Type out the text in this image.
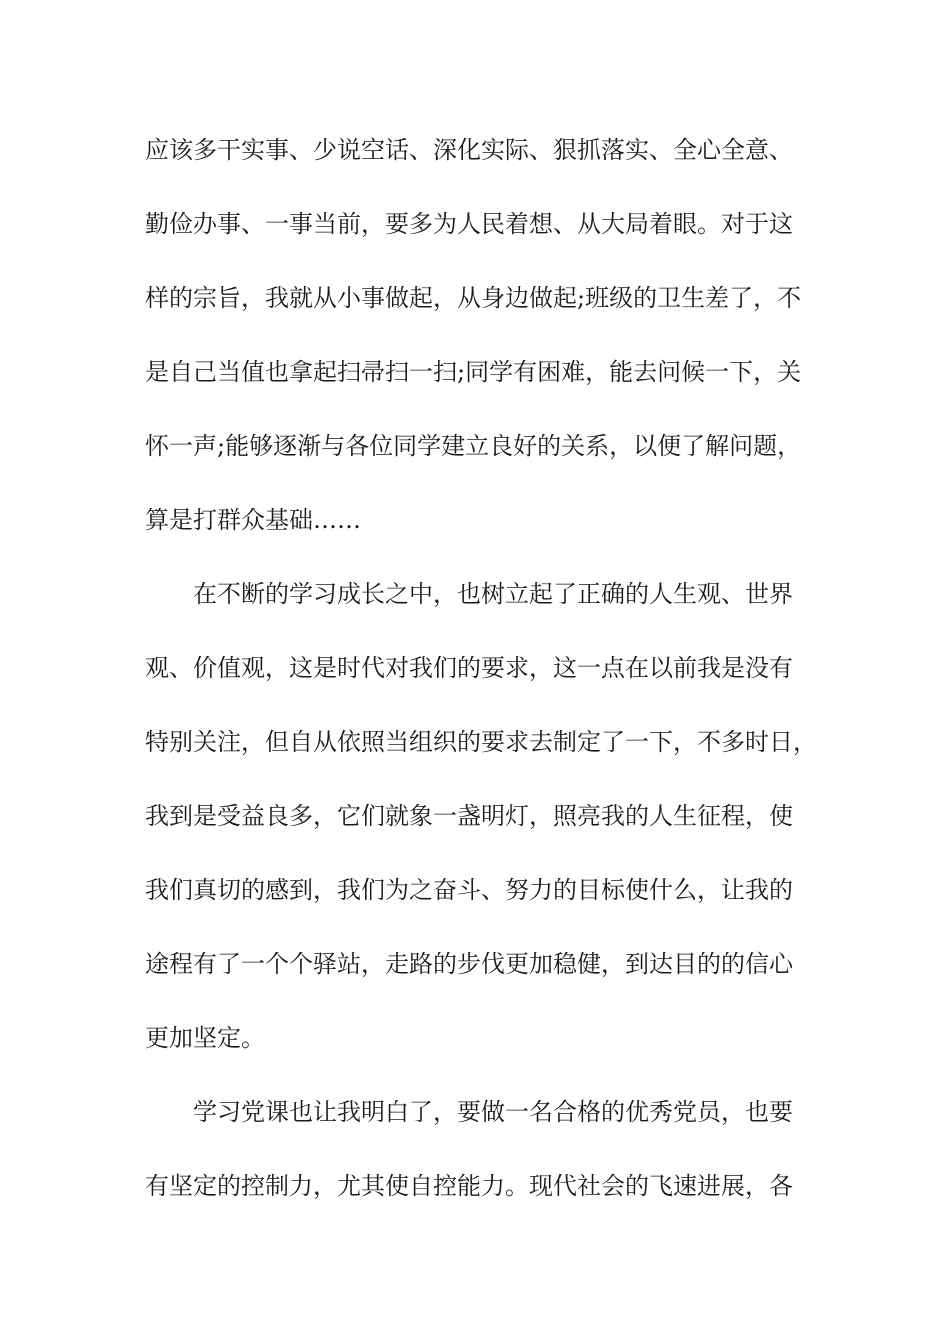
应该多干实事、少说空话、深化实际、狠抓落实、全心全意、

勤俭办事、一事当前，要多为人民着想、从大局着眼。对于这

样的宗旨，我就从小事做起，从身边做起;班级的卫生差了，不

是自己当值也拿起扫帚扫一扫;同学有困难，能去问候一下，关

怀一声;能够逐渐与各位同学建立良好的关系，以便了解问题，

算是打群众基础……

在不断的学习成长之中，也树立起了正确的人生观、世界

观、价值观，这是时代对我们的要求，这一点在以前我是没有

特别关注，但自从依照当组织的要求去制定了一下，不多时日，

我到是受益良多，它们就象一盏明灯，照亮我的人生征程，使

我们真切的感到，我们为之奋斗、努力的目标使什么，让我的

途程有了一个个驿站，走路的步伐更加稳健，到达目的的信心

更加坚定。

学习党课也让我明白了，要做一名合格的优秀党员，也要

有坚定的控制力，尤其使自控能力。现代社会的飞速进展，各
